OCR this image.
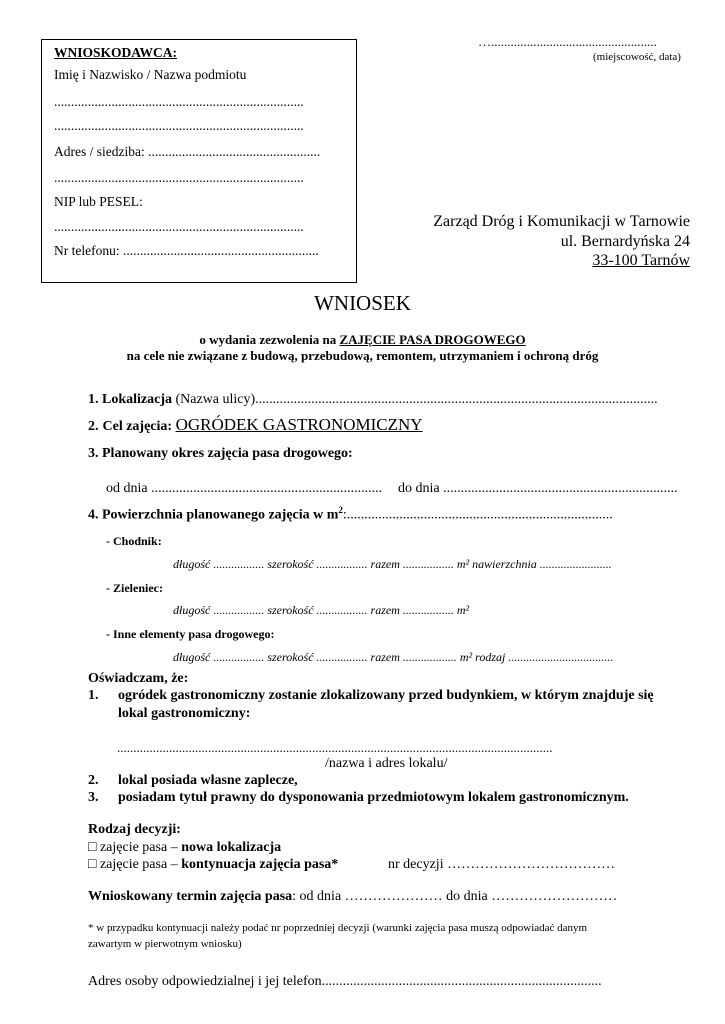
…...................................................
(miejscowość, data)
WNIOSKODAWCA:
Imię i Nazwisko / Nazwa podmiotu
..........................................................................
..........................................................................
Adres / siedziba: ...................................................
..........................................................................
NIP lub PESEL:
..........................................................................
Nr telefonu: ..........................................................
Zarząd Dróg i Komunikacji w Tarnowie
ul. Bernardyńska 24
33-100 Tarnów
WNIOSEK
o wydania zezwolenia na ZAJĘCIE PASA DROGOWEGO
na cele nie związane z budową, przebudową, remontem, utrzymaniem i ochroną dróg
1. Lokalizacja (Nazwa ulicy)...................................................................................................................
2. Cel zajęcia: OGRÓDEK GASTRONOMICZNY
3. Planowany okres zajęcia pasa drogowego:
od dnia .................................................................. do dnia ...................................................................
4. Powierzchnia planowanego zajęcia w $m^2$:............................................................................
- Chodnik:
długość ................. szerokość ................. razem ................. m² nawierzchnia ........................
- Zieleniec:
długość ................. szerokość ................. razem ................. m²
- Inne elementy pasa drogowego:
długość ................. szerokość ................. razem .................. m² rodzaj ...................................
Oświadczam, że:
1. ogródek gastronomiczny zostanie zlokalizowany przed budynkiem, w którym znajduje się
lokal gastronomiczny:
......................................................................................................................................
/nazwa i adres lokalu/
2. lokal posiada własne zaplecze,
3. posiadam tytuł prawny do dysponowania przedmiotowym lokalem gastronomicznym.
Rodzaj decyzji:
□ zajęcie pasa – nowa lokalizacja
□ zajęcie pasa – kontynuacja zajęcia pasa*	nr decyzji ………………………………
Wnioskowany termin zajęcia pasa: od dnia ………………… do dnia ………………………
* w przypadku kontynuacji należy podać nr poprzedniej decyzji (warunki zajęcia pasa muszą odpowiadać danym
zawartym w pierwotnym wniosku)
Adres osoby odpowiedzialnej i jej telefon................................................................................
